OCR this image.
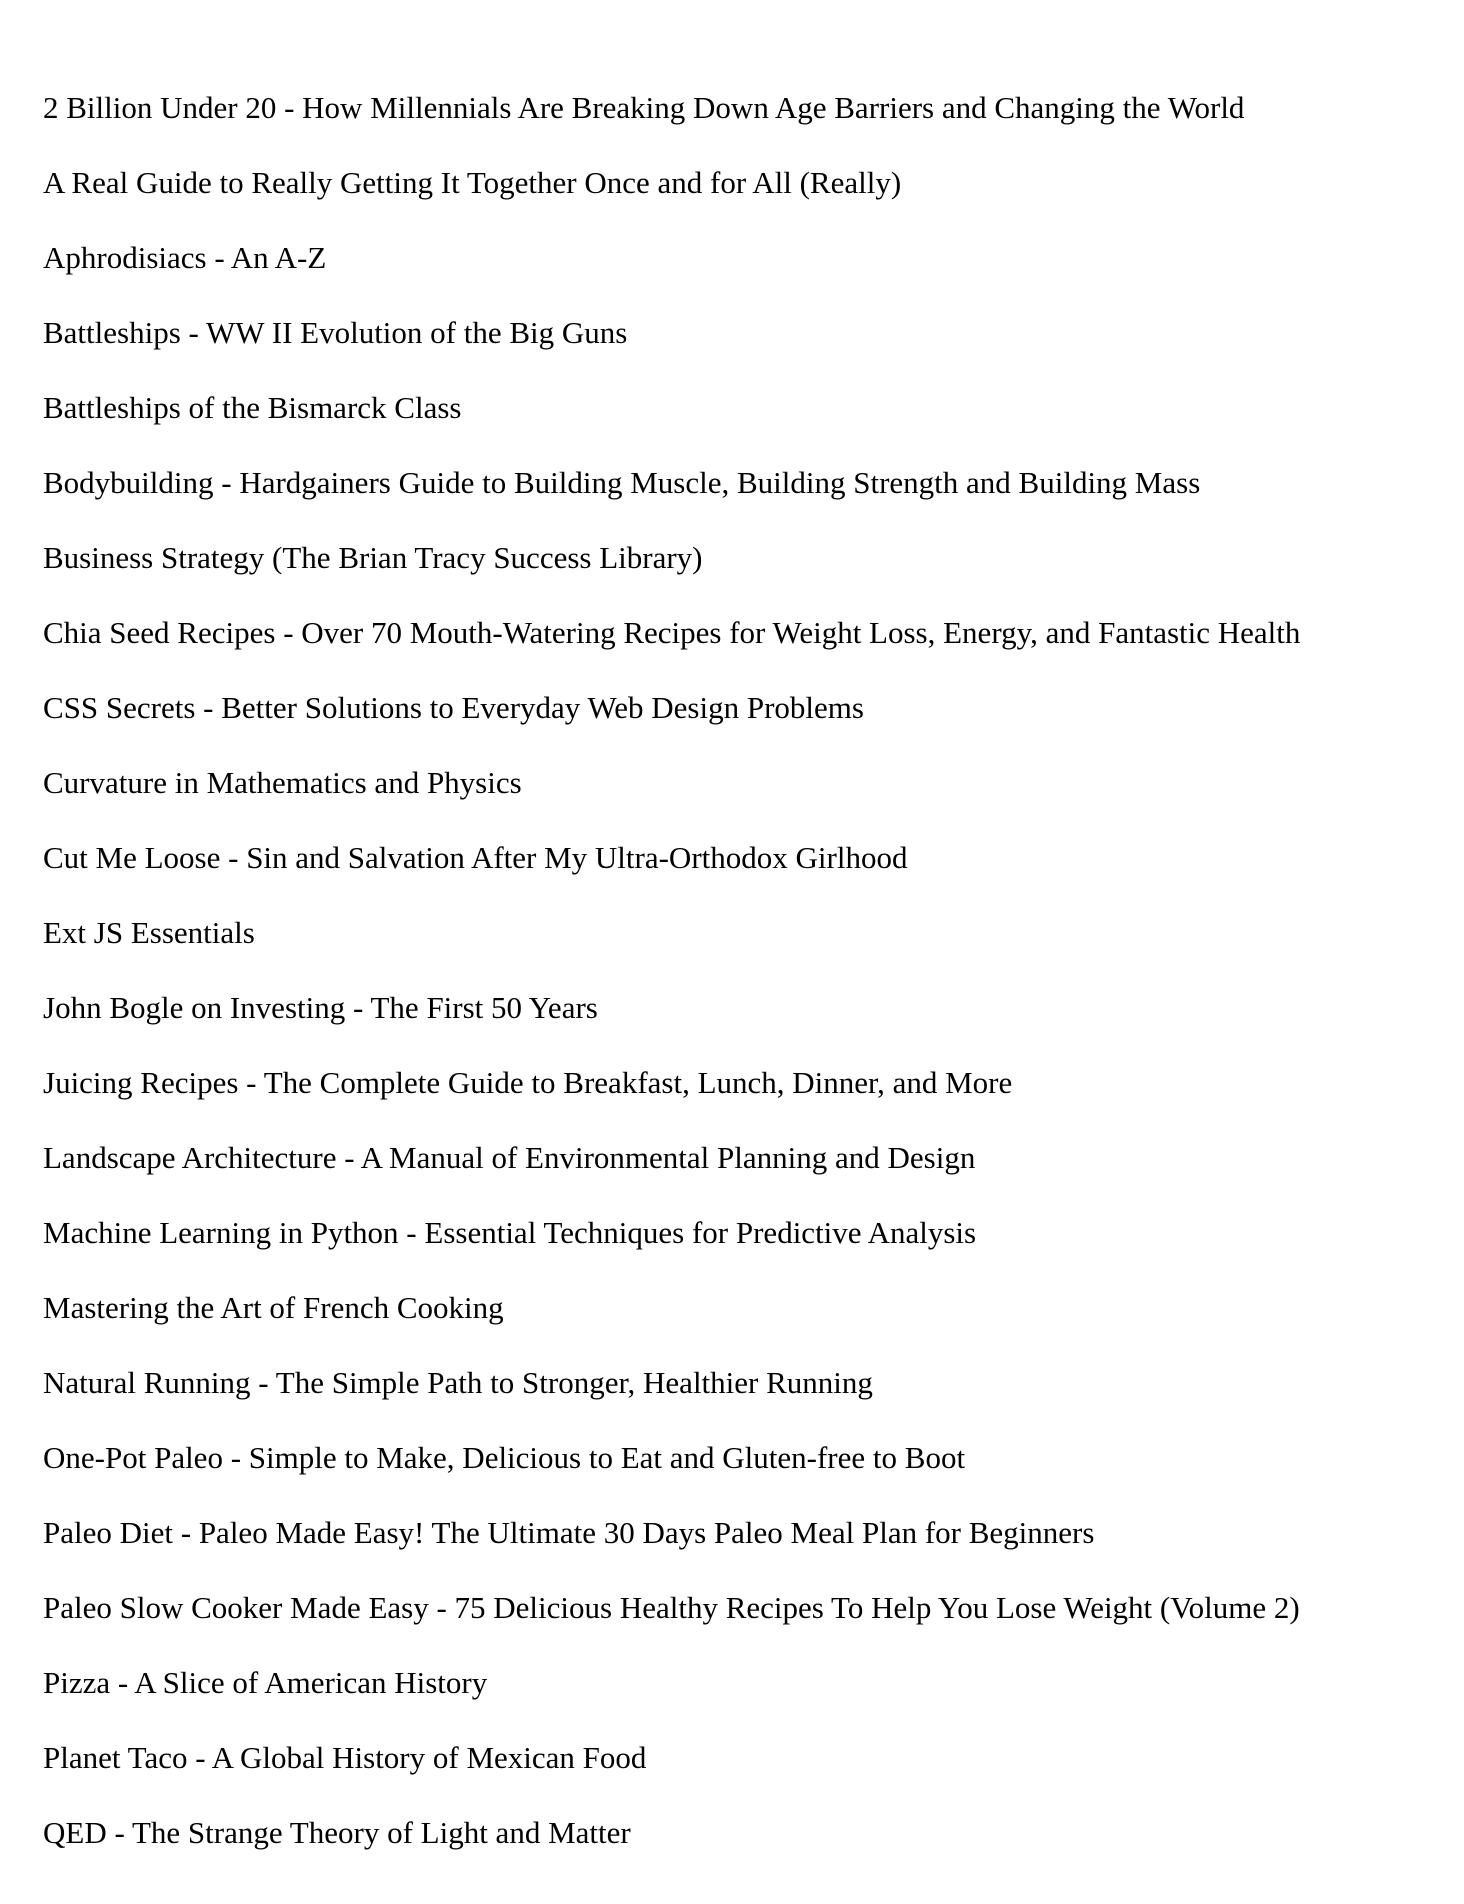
2 Billion Under 20 - How Millennials Are Breaking Down Age Barriers and Changing the World
A Real Guide to Really Getting It Together Once and for All (Really)
Aphrodisiacs - An A-Z
Battleships - WW II Evolution of the Big Guns
Battleships of the Bismarck Class
Bodybuilding - Hardgainers Guide to Building Muscle, Building Strength and Building Mass
Business Strategy (The Brian Tracy Success Library)
Chia Seed Recipes - Over 70 Mouth-Watering Recipes for Weight Loss, Energy, and Fantastic Health
CSS Secrets - Better Solutions to Everyday Web Design Problems
Curvature in Mathematics and Physics
Cut Me Loose - Sin and Salvation After My Ultra-Orthodox Girlhood
Ext JS Essentials
John Bogle on Investing - The First 50 Years
Juicing Recipes - The Complete Guide to Breakfast, Lunch, Dinner, and More
Landscape Architecture - A Manual of Environmental Planning and Design
Machine Learning in Python - Essential Techniques for Predictive Analysis
Mastering the Art of French Cooking
Natural Running - The Simple Path to Stronger, Healthier Running
One-Pot Paleo - Simple to Make, Delicious to Eat and Gluten-free to Boot
Paleo Diet - Paleo Made Easy! The Ultimate 30 Days Paleo Meal Plan for Beginners
Paleo Slow Cooker Made Easy - 75 Delicious Healthy Recipes To Help You Lose Weight (Volume 2)
Pizza - A Slice of American History
Planet Taco - A Global History of Mexican Food
QED - The Strange Theory of Light and Matter
